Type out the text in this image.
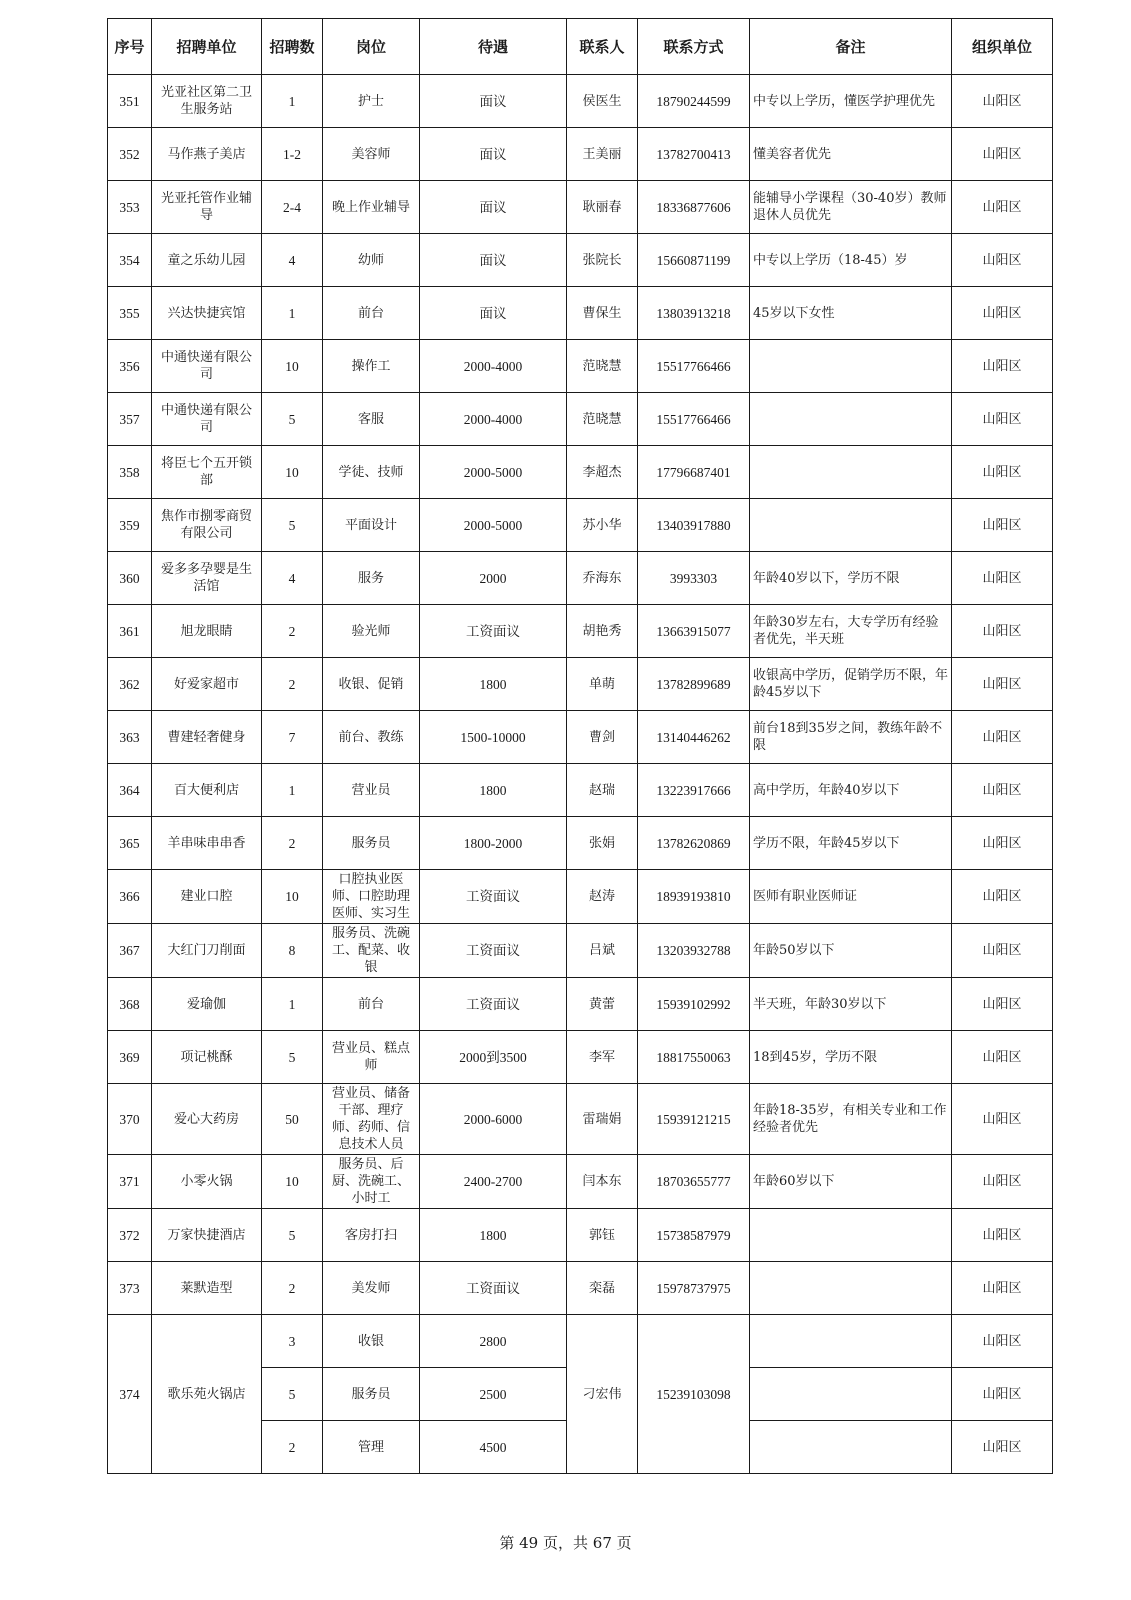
序号	招聘单位	招聘数	岗位	待遇	联系人	联系方式	备注	组织单位
351	光亚社区第二卫生服务站	1	护士	面议	侯医生	18790244599	中专以上学历，懂医学护理优先	山阳区
352	马作燕子美店	1-2	美容师	面议	王美丽	13782700413	懂美容者优先	山阳区
353	光亚托管作业辅导	2-4	晚上作业辅导	面议	耿丽春	18336877606	能辅导小学课程（30-40岁）教师退休人员优先	山阳区
354	童之乐幼儿园	4	幼师	面议	张院长	15660871199	中专以上学历（18-45）岁	山阳区
355	兴达快捷宾馆	1	前台	面议	曹保生	13803913218	45岁以下女性	山阳区
356	中通快递有限公司	10	操作工	2000-4000	范晓慧	15517766466		山阳区
357	中通快递有限公司	5	客服	2000-4000	范晓慧	15517766466		山阳区
358	将臣七个五开锁部	10	学徒、技师	2000-5000	李超杰	17796687401		山阳区
359	焦作市捌零商贸有限公司	5	平面设计	2000-5000	苏小华	13403917880		山阳区
360	爱多多孕婴是生活馆	4	服务	2000	乔海东	3993303	年龄40岁以下，学历不限	山阳区
361	旭龙眼睛	2	验光师	工资面议	胡艳秀	13663915077	年龄30岁左右，大专学历有经验者优先，半天班	山阳区
362	好爱家超市	2	收银、促销	1800	单萌	13782899689	收银高中学历，促销学历不限，年龄45岁以下	山阳区
363	曹建轻奢健身	7	前台、教练	1500-10000	曹剑	13140446262	前台18到35岁之间，教练年龄不限	山阳区
364	百大便利店	1	营业员	1800	赵瑞	13223917666	高中学历，年龄40岁以下	山阳区
365	羊串味串串香	2	服务员	1800-2000	张娟	13782620869	学历不限，年龄45岁以下	山阳区
366	建业口腔	10	口腔执业医师、口腔助理医师、实习生	工资面议	赵涛	18939193810	医师有职业医师证	山阳区
367	大红门刀削面	8	服务员、洗碗工、配菜、收银	工资面议	吕斌	13203932788	年龄50岁以下	山阳区
368	爱瑜伽	1	前台	工资面议	黄蕾	15939102992	半天班，年龄30岁以下	山阳区
369	项记桃酥	5	营业员、糕点师	2000到3500	李军	18817550063	18到45岁，学历不限	山阳区
370	爱心大药房	50	营业员、储备干部、理疗师、药师、信息技术人员	2000-6000	雷瑞娟	15939121215	年龄18-35岁，有相关专业和工作经验者优先	山阳区
371	小零火锅	10	服务员、后厨、洗碗工、小时工	2400-2700	闫本东	18703655777	年龄60岁以下	山阳区
372	万家快捷酒店	5	客房打扫	1800	郭钰	15738587979		山阳区
373	莱默造型	2	美发师	工资面议	栾磊	15978737975		山阳区
374	歌乐苑火锅店	3	收银	2800	刁宏伟	15239103098		山阳区
		5	服务员	2500				山阳区
		2	管理	4500				山阳区
第 49 页，共 67 页
